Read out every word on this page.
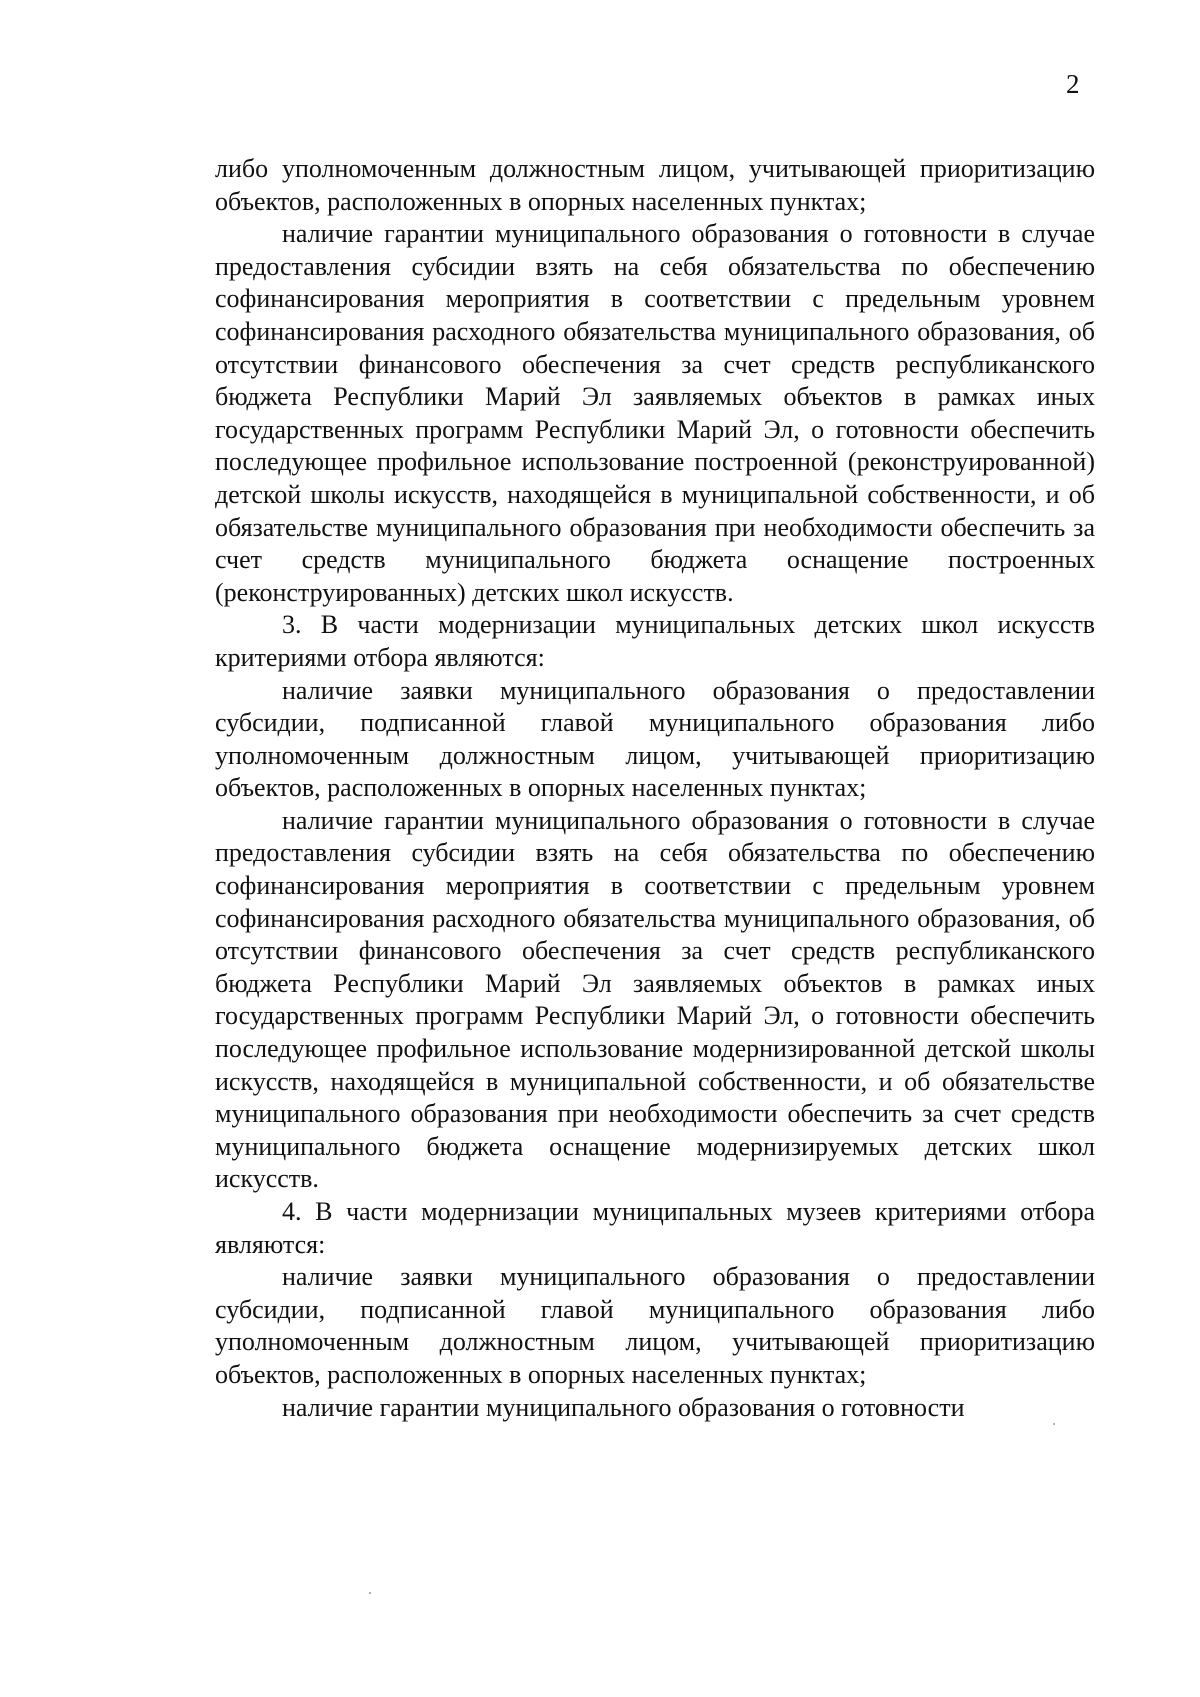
2

либо уполномоченным должностным лицом, учитывающей приоритизацию объектов, расположенных в опорных населенных пунктах;

наличие гарантии муниципального образования о готовности в случае предоставления субсидии взять на себя обязательства по обеспечению софинансирования мероприятия в соответствии с предельным уровнем софинансирования расходного обязательства муниципального образования, об отсутствии финансового обеспечения за счет средств республиканского бюджета Республики Марий Эл заявляемых объектов в рамках иных государственных программ Республики Марий Эл, о готовности обеспечить последующее профильное использование построенной (реконструированной) детской школы искусств, находящейся в муниципальной собственности, и об обязательстве муниципального образования при необходимости обеспечить за счет средств муниципального бюджета оснащение построенных (реконструированных) детских школ искусств.

3. В части модернизации муниципальных детских школ искусств критериями отбора являются:

наличие заявки муниципального образования о предоставлении субсидии, подписанной главой муниципального образования либо уполномоченным должностным лицом, учитывающей приоритизацию объектов, расположенных в опорных населенных пунктах;

наличие гарантии муниципального образования о готовности в случае предоставления субсидии взять на себя обязательства по обеспечению софинансирования мероприятия в соответствии с предельным уровнем софинансирования расходного обязательства муниципального образования, об отсутствии финансового обеспечения за счет средств республиканского бюджета Республики Марий Эл заявляемых объектов в рамках иных государственных программ Республики Марий Эл, о готовности обеспечить последующее профильное использование модернизированной детской школы искусств, находящейся в муниципальной собственности, и об обязательстве муниципального образования при необходимости обеспечить за счет средств муниципального бюджета оснащение модернизируемых детских школ искусств.

4. В части модернизации муниципальных музеев критериями отбора являются:

наличие заявки муниципального образования о предоставлении субсидии, подписанной главой муниципального образования либо уполномоченным должностным лицом, учитывающей приоритизацию объектов, расположенных в опорных населенных пунктах;

наличие гарантии муниципального образования о готовности
